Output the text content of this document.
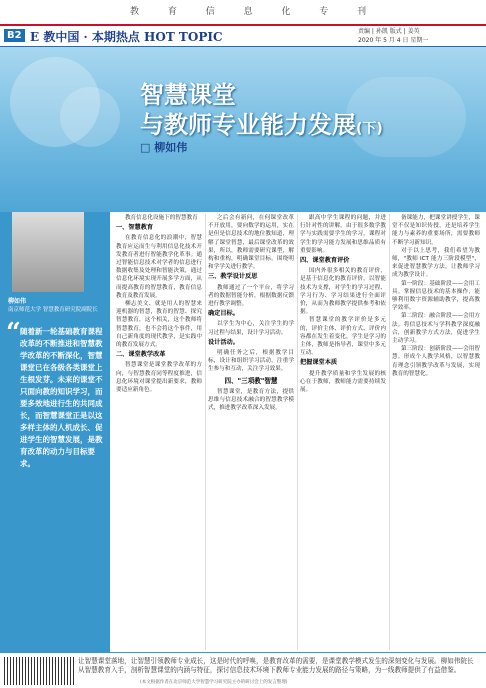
教 育 信 息 化 专 刊
B2 E 教中国 · 本期热点 HOT TOPIC	责编 | 孙凯 版式 | 姜英
2020 年 5 月 4 日 星期一
智慧课堂
与教师专业能力发展(下)
□ 柳如伟
柳如伟
南京师范大学 智慧教育研究院副院长
“ 随着新一轮基础教育课程改革的不断推进和智慧教学改革的不断深化，智慧课堂已在各级各类课堂上生根发芽。未来的课堂不只面向教的知识学习，而要多效地进行生的共同成长，而智慧课堂正是以这多样主体的人机成长、促进学生的智慧发展，是教育改革的动力与目标要求。

教育信息化设施下的智慧教育

一、智慧教育

在教育信息化的浪潮中，智慧教育应运而生与利用信息化技术开发教育者进行智能教学化革事。通过智能信息技术对学者的信息进行数据收集及处理和智能决策，通过信息化环境实现开展多学方面，从而提高教育的智慧教育，教育信息教育及教育发展。

柳志美文、就是用人的智慧来迎机器的智慧，教育的智慧、探究智慧教育，这个相关，这个教师将智慧教育，也不会将这个事件，用自己新角度的现代教学，是实践中的教育发展方式。

二、课堂教学改革

智慧课堂是课堂教学改革的方向，与智慧教育同等程度推进，信息化环境对课堂提出新要求，教师要适应新角色。

之后会有新问，在何课堂改革不开放用，要向数学的运用，实在是但是信息技术的地位教知道，理解了课堂智慧，最后课堂改革的效果，所以，教师需要研究课型，解构和重构，明确课堂目标，围绕明和学学关进行教学。

三、教学设计反思

教师通过了一个平台，将学习者的数据智能分析，根据数据反馈进行教学调整。

确定目标。

以学生为中心，关注学生的学习过程与结果，设计学习活动。

设计活动。

明确任务之后，根据教学目标，设计和组织学习活动，注重学生参与和互动，关注学习效果。

四、"三项教"智慧

智慧课堂，是教育方法，提供思维与信息技术融合的智慧教学模式，推进教学改革深入发展。

跟高中学生课程的问题，并进行针对性的讲解。由于很多数学教学与实践需要学生的学习，课程对学生的学习能力发展和思维品质有重要影响。

四、课堂教育评价

国内外很多相关的教育评价，是基于信息化的教育评价，以智能技术为支撑，对学生的学习过程、学习行为、学习结果进行全面评价，从而为教师教学提供参考和依据。

智慧课堂的教学评价是多元的，评价主体、评价方式、评价内容都在发生着变化，学生是学习的主体，教师是指导者，课堂中多元互动。

把握课堂本质

提升教学质量和学生发展的核心在于教师，教师能力需要持续发展。

备课能力，把课堂讲授学生，课堂不仅是知识传授，还是培养学生能力与素养的重要场所，需要教师不断学习新知识。

对于以上思考，我们希望为教师，"教师 ICT 能力三阶段模型"，来促进智慧教学方法，让教师学习成为教学设计。

第一阶段：基础阶段——会用工具。掌握信息技术的基本操作，能够利用数字资源辅助教学，提高教学效率。

第二阶段：融合阶段——会用方法。将信息技术与学科教学深度融合，创新教学方式方法，促进学生主动学习。

第三阶段：创新阶段——会用智慧。形成个人教学风格，以智慧教育理念引领教学改革与发展，实现教育的智慧化。

让智慧课堂落地，让智慧引领教师专业成长，这是时代的呼唤，是教育改革的需要，是课堂教学模式发生的深刻变化与发展。柳如伟院长从智慧教育入手，剖析智慧课堂的内涵与特征，探讨信息技术环境下教师专业能力发展的路径与策略，为一线教师提供了有益借鉴。
(本文根据作者在北京师范大学智慧学习研究院主办的研讨会上的发言整理)
